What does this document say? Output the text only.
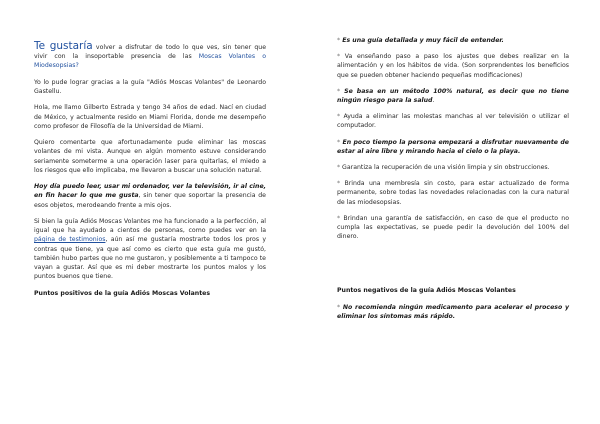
Te gustaría volver a disfrutar de todo lo que ves, sin tener que vivir con la insoportable presencia de las Moscas Volantes o Miodesopsias?

Yo lo pude lograr gracias a la guía "Adiós Moscas Volantes" de Leonardo Gastellu.

Hola, me llamo Gilberto Estrada y tengo 34 años de edad. Nací en ciudad de México, y actualmente resido en Miami Florida, donde me desempeño como profesor de Filosofía de la Universidad de Miami.

Quiero comentarte que afortunadamente pude eliminar las moscas volantes de mi vista. Aunque en algún momento estuve considerando seriamente someterme a una operación laser para quitarlas, el miedo a los riesgos que ello implicaba, me llevaron a buscar una solución natural.

Hoy día puedo leer, usar mi ordenador, ver la televisión, ir al cine, en fin hacer lo que me gusta, sin tener que soportar la presencia de esos objetos, merodeando frente a mis ojos.

Si bien la guía Adiós Moscas Volantes me ha funcionado a la perfección, al igual que ha ayudado a cientos de personas, como puedes ver en la página de testimonios, aún así me gustaría mostrarte todos los pros y contras que tiene, ya que así como es cierto que esta guía me gustó, también hubo partes que no me gustaron, y posiblemente a ti tampoco te vayan a gustar. Así que es mi deber mostrarte los puntos malos y los puntos buenos que tiene.

Puntos positivos de la guía Adiós Moscas Volantes

* Es una guía detallada y muy fácil de entender.

* Va enseñando paso a paso los ajustes que debes realizar en la alimentación y en los hábitos de vida. (Son sorprendentes los beneficios que se pueden obtener haciendo pequeñas modificaciones)

* Se basa en un método 100% natural, es decir que no tiene ningún riesgo para la salud.

* Ayuda a eliminar las molestas manchas al ver televisión o utilizar el computador.

* En poco tiempo la persona empezará a disfrutar nuevamente de estar al aire libre y mirando hacia el cielo o la playa.

* Garantiza la recuperación de una visión limpia y sin obstrucciones.

* Brinda una membresía sin costo, para estar actualizado de forma permanente, sobre todas las novedades relacionadas con la cura natural de las miodesopsias.

* Brindan una garantía de satisfacción, en caso de que el producto no cumpla las expectativas, se puede pedir la devolución del 100% del dinero.

Puntos negativos de la guía Adiós Moscas Volantes

* No recomienda ningún medicamento para acelerar el proceso y eliminar los síntomas más rápido.
